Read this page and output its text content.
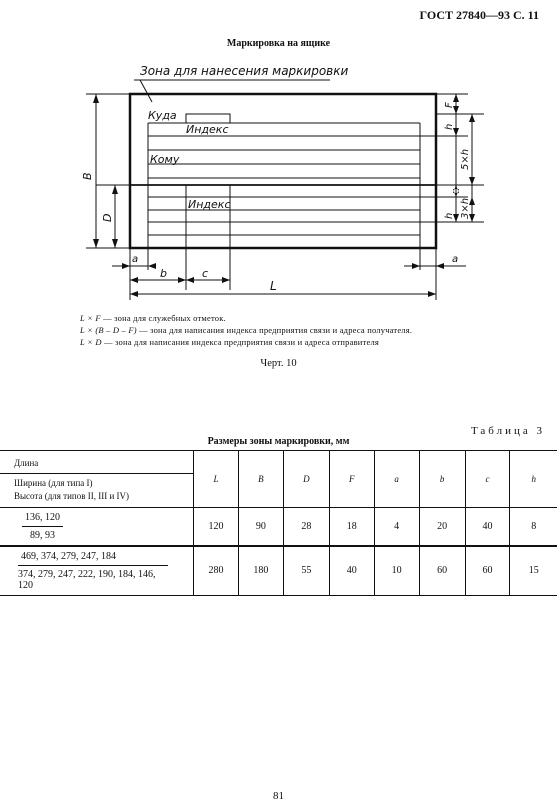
ГОСТ 27840—93 С. 11
Маркировка на ящике
Зона для нанесения маркировки
Куда
Индекс
Кому
Индекс
B
D
F
h
5×h
h 3×h
a	a
b	c
L
L × F — зона для служебных отметок.
L × (B – D – F) — зона для написания индекса предприятия связи и адреса получателя.
L × D — зона для написания индекса предприятия связи и адреса отправителя
Черт. 10
Таблица 3
Размеры зоны маркировки, мм
Длина
Ширина (для типа I)
Высота (для типов II, III и IV)	L	B	D	F	a	b	c	h

$\frac{136, 120}{89, 93}$	120	90	28	18	4	20	40	8

$\frac{469, 374, 279, 247, 184}{374, 279, 247, 222, 190, 184, 146, 120}$	280	180	55	40	10	60	60	15
81
